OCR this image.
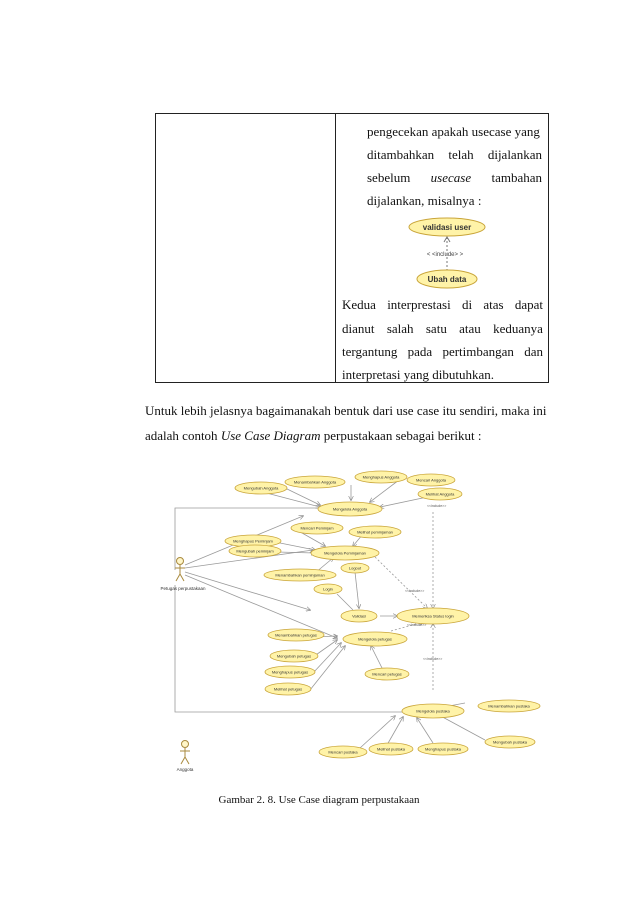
pengecekan apakah usecase yang
ditambahkan telah dijalankan
sebelum usecase tambahan
dijalankan, misalnya :
validasi user
< <include> >
Ubah data
Kedua interprestasi di atas dapat
dianut salah satu atau keduanya
tergantung pada pertimbangan dan
interpretasi yang dibutuhkan.
Untuk lebih jelasnya bagaimanakah bentuk dari use case itu sendiri, maka ini
adalah contoh Use Case Diagram perpustakaan sebagai berikut :
Petugas perpustakaan
Anggota
Menambahkan Anggota
Menghapus Anggota
Mencari Anggota
Mengubah Anggota
Melihat Anggota
Mengelola Anggota
Mencari Peminjam
Melihat peminjaman
Menghapus Peminjam
Mengubah peminjam	Mengelola Peminjaman
Menambahkan peminjaman
Logout
Login
Validasi	Memeriksa Status login
Menambahkan petugas
Mengelola petugas
Mengubah petugas
Menghapus petugas
Melihat petugas
Mencari petugas
Mengelola pustaka
Menambahkan pustaka
Mengubah pustaka
Mencari pustaka
Melihat pustaka	Menghapus pustaka
<<include>>
<<include>>
<<include>>
<<include>>
Gambar 2. 8. Use Case diagram perpustakaan
